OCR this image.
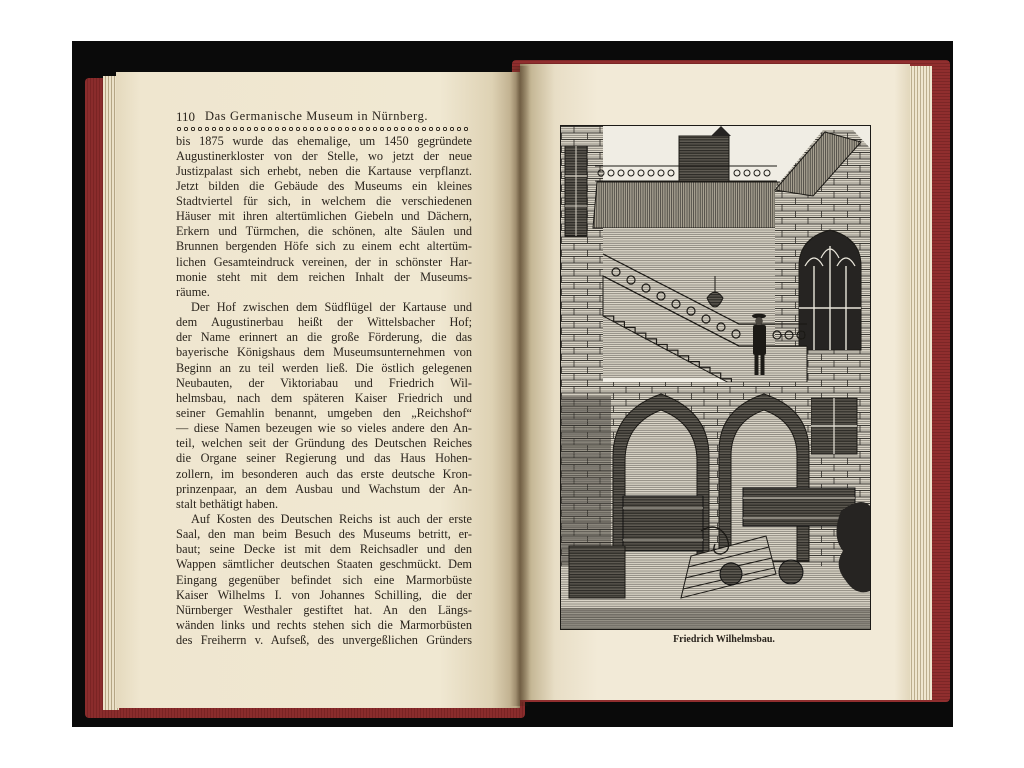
110 Das Germanische Museum in Nürnberg.
bis 1875 wurde das ehemalige, um 1450 gegründete
Augustinerkloster von der Stelle, wo jetzt der neue
Justizpalast sich erhebt, neben die Kartause verpflanzt.
Jetzt bilden die Gebäude des Museums ein kleines
Stadtviertel für sich, in welchem die verschiedenen
Häuser mit ihren altertümlichen Giebeln und Dächern,
Erkern und Türmchen, die schönen, alte Säulen und
Brunnen bergenden Höfe sich zu einem echt altertüm-
lichen Gesamteindruck vereinen, der in schönster Har-
monie steht mit dem reichen Inhalt der Museums-
räume.
Der Hof zwischen dem Südflügel der Kartause und
dem Augustinerbau heißt der Wittelsbacher Hof;
der Name erinnert an die große Förderung, die das
bayerische Königshaus dem Museumsunternehmen von
Beginn an zu teil werden ließ. Die östlich gelegenen
Neubauten, der Viktoriabau und Friedrich Wil-
helmsbau, nach dem späteren Kaiser Friedrich und
seiner Gemahlin benannt, umgeben den „Reichshof“
— diese Namen bezeugen wie so vieles andere den An-
teil, welchen seit der Gründung des Deutschen Reiches
die Organe seiner Regierung und das Haus Hohen-
zollern, im besonderen auch das erste deutsche Kron-
prinzenpaar, an dem Ausbau und Wachstum der An-
stalt bethätigt haben.
Auf Kosten des Deutschen Reichs ist auch der erste
Saal, den man beim Besuch des Museums betritt, er-
baut; seine Decke ist mit dem Reichsadler und den
Wappen sämtlicher deutschen Staaten geschmückt. Dem
Eingang gegenüber befindet sich eine Marmorbüste
Kaiser Wilhelms I. von Johannes Schilling, die der
Nürnberger Westhaler gestiftet hat. An den Längs-
wänden links und rechts stehen sich die Marmorbüsten
des Freiherrn v. Aufseß, des unvergeßlichen Gründers	Friedrich Wilhelmsbau.
